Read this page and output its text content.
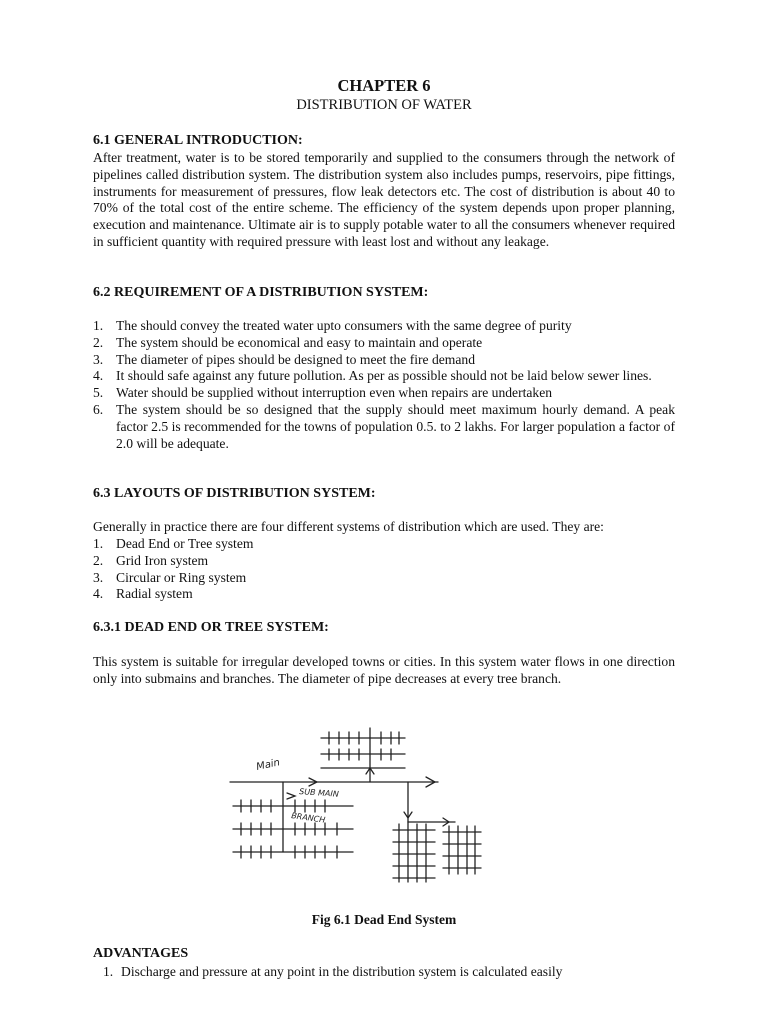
CHAPTER 6
DISTRIBUTION OF WATER
6.1 GENERAL INTRODUCTION:
After treatment, water is to be stored temporarily and supplied to the consumers through the network of pipelines called distribution system. The distribution system also includes pumps, reservoirs, pipe fittings, instruments for measurement of pressures, flow leak detectors etc. The cost of distribution is about 40 to 70% of the total cost of the entire scheme. The efficiency of the system depends upon proper planning, execution and maintenance. Ultimate air is to supply potable water to all the consumers whenever required in sufficient quantity with required pressure with least lost and without any leakage.
6.2 REQUIREMENT OF A DISTRIBUTION SYSTEM:
1. The should convey the treated water upto consumers with the same degree of purity
2. The system should be economical and easy to maintain and operate
3. The diameter of pipes should be designed to meet the fire demand
4. It should safe against any future pollution. As per as possible should not be laid below sewer lines.
5. Water should be supplied without interruption even when repairs are undertaken
6. The system should be so designed that the supply should meet maximum hourly demand. A peak factor 2.5 is recommended for the towns of population 0.5. to 2 lakhs. For larger population a factor of 2.0 will be adequate.
6.3 LAYOUTS OF DISTRIBUTION SYSTEM:
Generally in practice there are four different systems of distribution which are used. They are:
1. Dead End or Tree system
2. Grid Iron system
3. Circular or Ring system
4. Radial system
6.3.1 DEAD END OR TREE SYSTEM:
This system is suitable for irregular developed towns or cities. In this system water flows in one direction only into submains and branches. The diameter of pipe decreases at every tree branch.
Main
SUB MAIN
BRANCH
Fig 6.1 Dead End System
ADVANTAGES
1. Discharge and pressure at any point in the distribution system is calculated easily
